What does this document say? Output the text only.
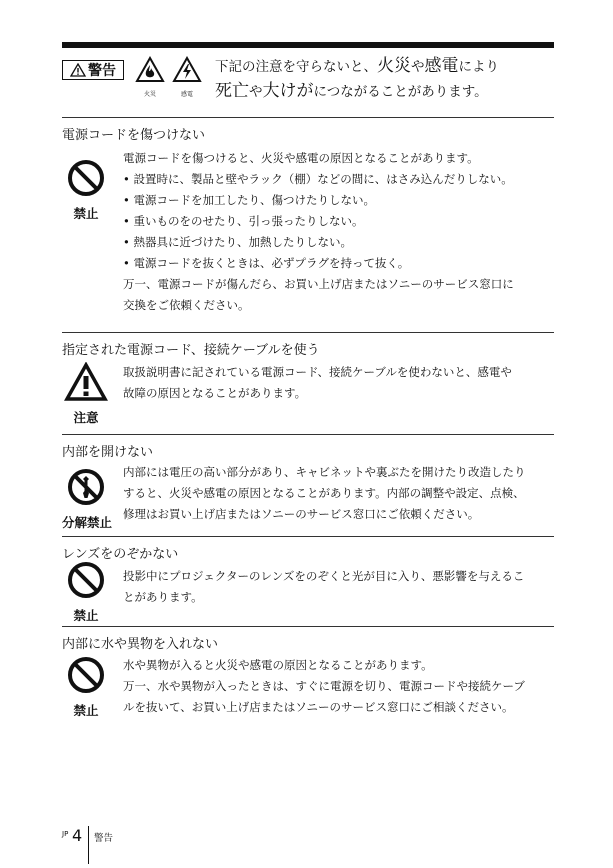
警告
火災	感電
下記の注意を守らないと、火災や感電により
死亡や大けがにつながることがあります。
電源コードを傷つけない
禁止

電源コードを傷つけると、火災や感電の原因となることがあります。

• 設置時に、製品と壁やラック（棚）などの間に、はさみ込んだりしない。

• 電源コードを加工したり、傷つけたりしない。

• 重いものをのせたり、引っ張ったりしない。

• 熱器具に近づけたり、加熱したりしない。

• 電源コードを抜くときは、必ずプラグを持って抜く。

万一、電源コードが傷んだら、お買い上げ店またはソニーのサービス窓口に

交換をご依頼ください。

指定された電源コード、接続ケーブルを使う
注意

取扱説明書に記されている電源コード、接続ケーブルを使わないと、感電や

故障の原因となることがあります。

内部を開けない
分解禁止

内部には電圧の高い部分があり、キャビネットや裏ぶたを開けたり改造したり

すると、火災や感電の原因となることがあります。内部の調整や設定、点検、

修理はお買い上げ店またはソニーのサービス窓口にご依頼ください。

レンズをのぞかない
禁止

投影中にプロジェクターのレンズをのぞくと光が目に入り、悪影響を与えるこ

とがあります。

内部に水や異物を入れない
禁止

水や異物が入ると火災や感電の原因となることがあります。

万一、水や異物が入ったときは、すぐに電源を切り、電源コードや接続ケーブ

ルを抜いて、お買い上げ店またはソニーのサービス窓口にご相談ください。

JP 4 警告
